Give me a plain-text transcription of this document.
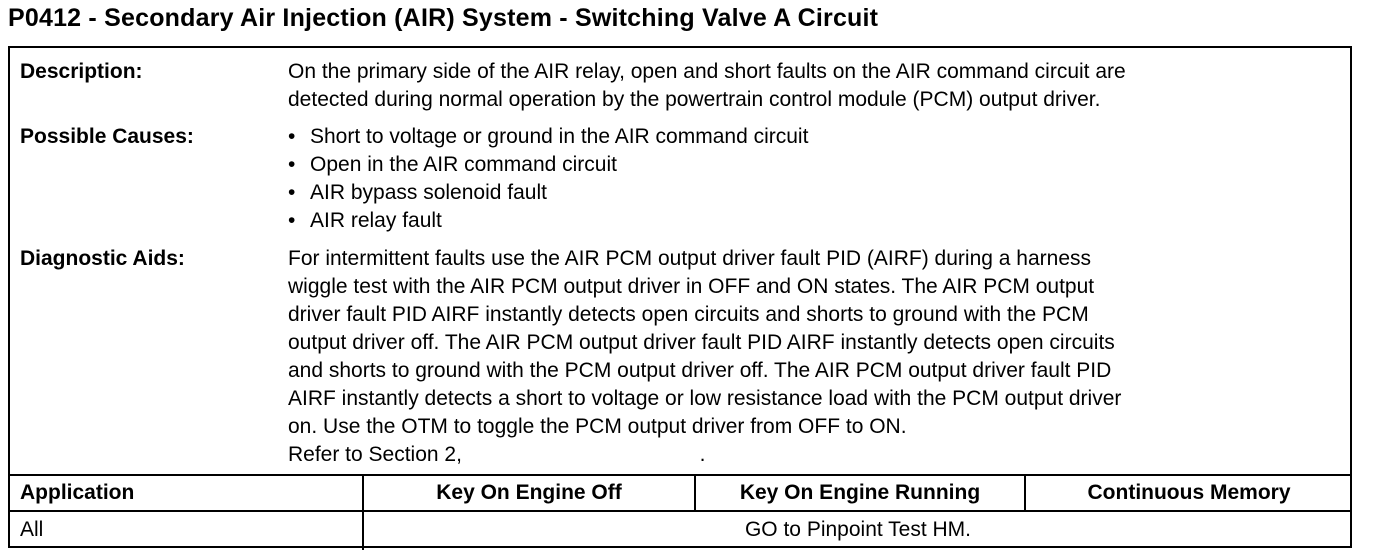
P0412 - Secondary Air Injection (AIR) System - Switching Valve A Circuit
Description:	On the primary side of the AIR relay, open and short faults on the AIR command circuit are

detected during normal operation by the powertrain control module (PCM) output driver.

Possible Causes:
•	Short to voltage or ground in the AIR command circuit
• Open in the AIR command circuit
• AIR bypass solenoid fault
• AIR relay fault
Diagnostic Aids:	For intermittent faults use the AIR PCM output driver fault PID (AIRF) during a harness

wiggle test with the AIR PCM output driver in OFF and ON states. The AIR PCM output

driver fault PID AIRF instantly detects open circuits and shorts to ground with the PCM

output driver off. The AIR PCM output driver fault PID AIRF instantly detects open circuits

and shorts to ground with the PCM output driver off. The AIR PCM output driver fault PID

AIRF instantly detects a short to voltage or low resistance load with the PCM output driver

on. Use the OTM to toggle the PCM output driver from OFF to ON.

Refer to Section 2, Output Test Mode (OTM).

Application	Key On Engine Off	Key On Engine Running	Continuous Memory
All	GO to Pinpoint Test HM.
